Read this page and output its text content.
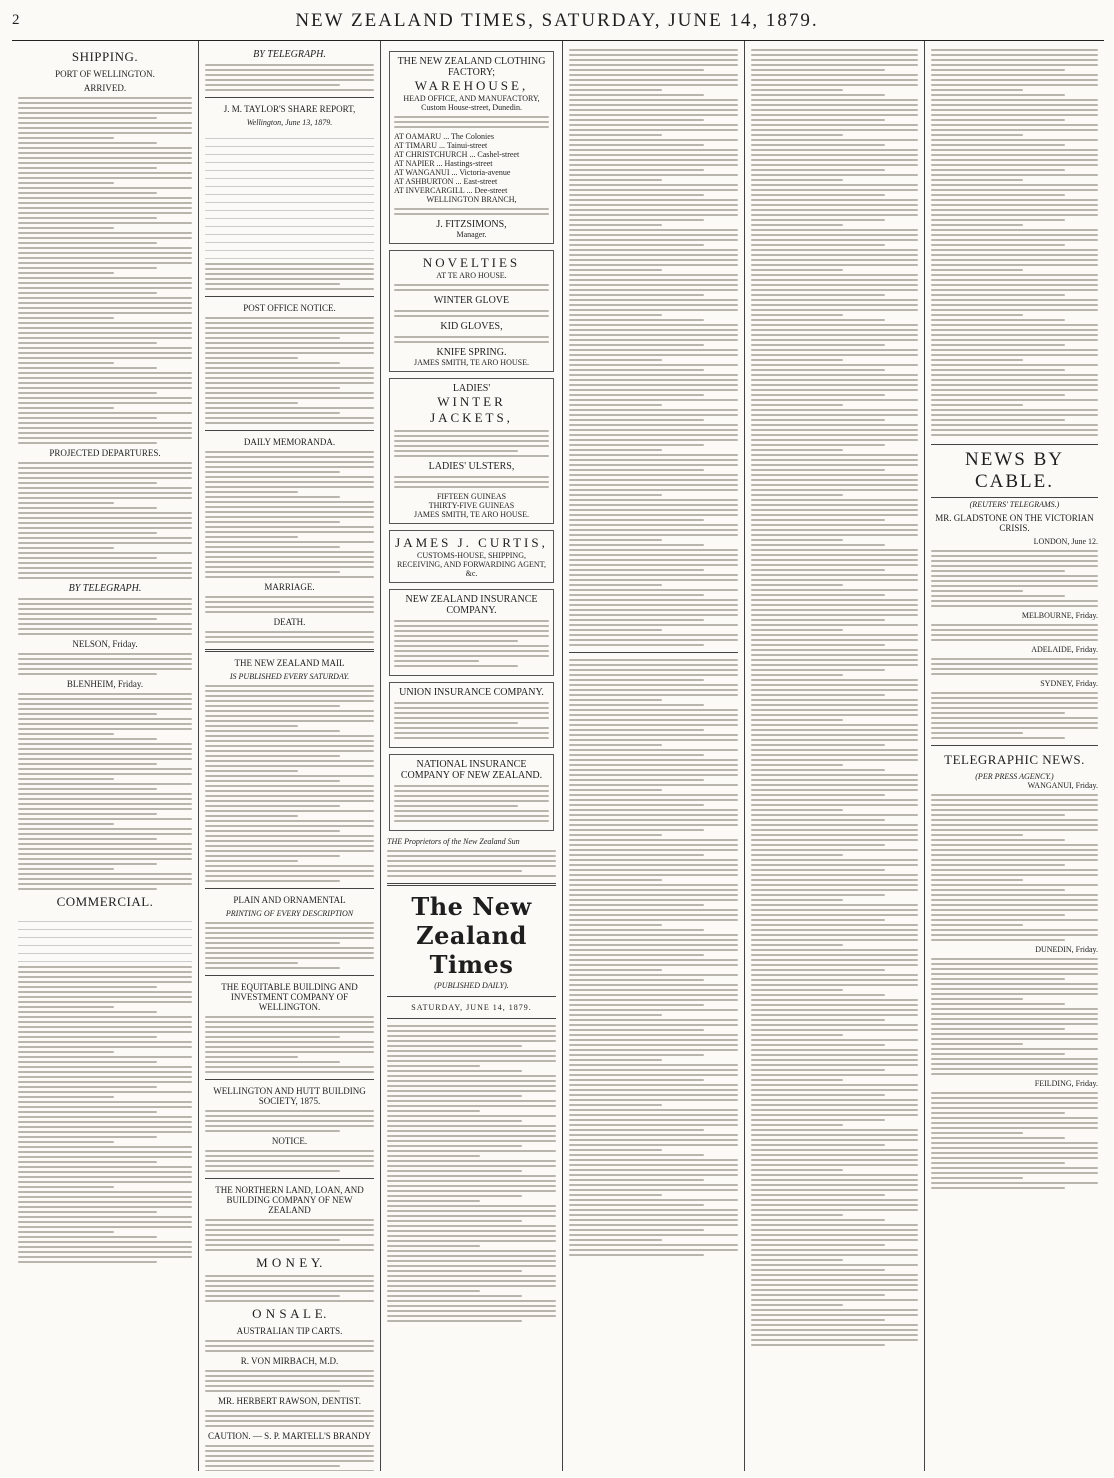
2	NEW ZEALAND TIMES, SATURDAY, JUNE 14, 1879.
SHIPPING.
PORT OF WELLINGTON.
ARRIVED.
PROJECTED DEPARTURES.
BY TELEGRAPH.
NELSON, Friday.
BLENHEIM, Friday.
COMMERCIAL.

BY TELEGRAPH.
J. M. TAYLOR'S SHARE REPORT,
Wellington, June 13, 1879.

POST OFFICE NOTICE.
DAILY MEMORANDA.
MARRIAGE.
DEATH.
THE NEW ZEALAND MAIL
IS PUBLISHED EVERY SATURDAY.
PLAIN AND ORNAMENTAL
PRINTING OF EVERY DESCRIPTION
THE EQUITABLE BUILDING AND INVESTMENT COMPANY OF WELLINGTON.
WELLINGTON AND HUTT BUILDING SOCIETY, 1875.
NOTICE.
THE NORTHERN LAND, LOAN, AND BUILDING COMPANY OF NEW ZEALAND
M O N E Y.
O N S A L E.
AUSTRALIAN TIP CARTS.
R. VON MIRBACH, M.D.
MR. HERBERT RAWSON, DENTIST.
CAUTION. — S. P. MARTELL'S BRANDY
THE NEW ZEALAND CLOTHING FACTORY;
WAREHOUSE,
HEAD OFFICE, AND MANUFACTORY,
Custom House-street, Dunedin.
AT OAMARU ... The Colonies
AT TIMARU ... Tainui-street
AT CHRISTCHURCH ... Cashel-street
AT NAPIER ... Hastings-street
AT WANGANUI ... Victoria-avenue
AT ASHBURTON ... East-street
AT INVERCARGILL ... Dee-street
WELLINGTON BRANCH,
J. FITZSIMONS,
Manager.
NOVELTIES
AT TE ARO HOUSE.
WINTER GLOVE
KID GLOVES,
KNIFE SPRING.
JAMES SMITH, TE ARO HOUSE.
LADIES'
WINTER JACKETS,
LADIES' ULSTERS,
FIFTEEN GUINEAS
THIRTY-FIVE GUINEAS
JAMES SMITH, TE ARO HOUSE.
JAMES J. CURTIS,
CUSTOMS-HOUSE, SHIPPING, RECEIVING, AND FORWARDING AGENT, &c.
NEW ZEALAND INSURANCE COMPANY.
UNION INSURANCE COMPANY.
NATIONAL INSURANCE COMPANY OF NEW ZEALAND.
THE Proprietors of the New Zealand Sun
The New Zealand Times
(PUBLISHED DAILY).
SATURDAY, JUNE 14, 1879.
NEWS BY CABLE.
(REUTERS' TELEGRAMS.)
MR. GLADSTONE ON THE VICTORIAN CRISIS.
LONDON, June 12.
MELBOURNE, Friday.
ADELAIDE, Friday.
SYDNEY, Friday.
TELEGRAPHIC NEWS.
(PER PRESS AGENCY.)
WANGANUI, Friday.
DUNEDIN, Friday.
FEILDING, Friday.
